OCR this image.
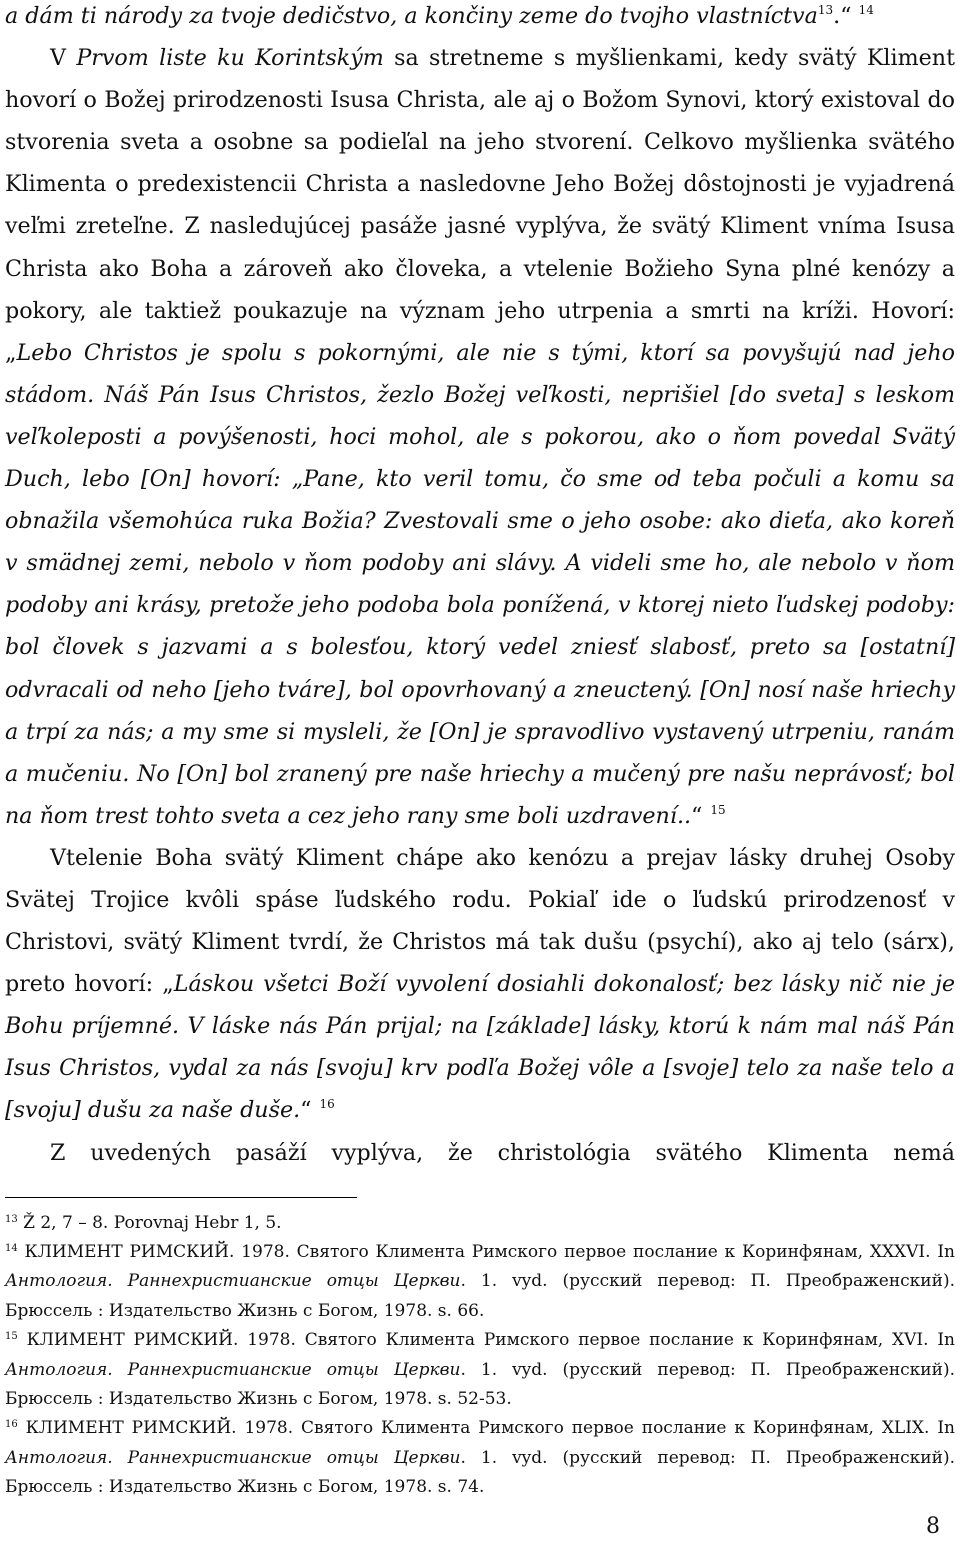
a dám ti národy za tvoje dedičstvo, a končiny zeme do tvojho vlastníctva$^{13}$.“ $^{14}$

V Prvom liste ku Korintským sa stretneme s myšlienkami, kedy svätý Kliment hovorí o Božej prirodzenosti Isusa Christa, ale aj o Božom Synovi, ktorý existoval do stvorenia sveta a osobne sa podieľal na jeho stvorení. Celkovo myšlienka svätého Klimenta o predexistencii Christa a nasledovne Jeho Božej dôstojnosti je vyjadrená veľmi zreteľne. Z nasledujúcej pasáže jasné vyplýva, že svätý Kliment vníma Isusa Christa ako Boha a zároveň ako človeka, a vtelenie Božieho Syna plné kenózy a pokory, ale taktiež poukazuje na význam jeho utrpenia a smrti na kríži. Hovorí: „Lebo Christos je spolu s pokornými, ale nie s tými, ktorí sa povyšujú nad jeho stádom. Náš Pán Isus Christos, žezlo Božej veľkosti, neprišiel [do sveta] s leskom veľkoleposti a povýšenosti, hoci mohol, ale s pokorou, ako o ňom povedal Svätý Duch, lebo [On] hovorí: „Pane, kto veril tomu, čo sme od teba počuli a komu sa obnažila všemohúca ruka Božia? Zvestovali sme o jeho osobe: ako dieťa, ako koreň v smädnej zemi, nebolo v ňom podoby ani slávy. A videli sme ho, ale nebolo v ňom podoby ani krásy, pretože jeho podoba bola ponížená, v ktorej nieto ľudskej podoby: bol človek s jazvami a s bolesťou, ktorý vedel zniesť slabosť, preto sa [ostatní] odvracali od neho [jeho tváre], bol opovrhovaný a zneuctený. [On] nosí naše hriechy a trpí za nás; a my sme si mysleli, že [On] je spravodlivo vystavený utrpeniu, ranám a mučeniu. No [On] bol zranený pre naše hriechy a mučený pre našu neprávosť; bol na ňom trest tohto sveta a cez jeho rany sme boli uzdravení..“ $^{15}$

Vtelenie Boha svätý Kliment chápe ako kenózu a prejav lásky druhej Osoby Svätej Trojice kvôli spáse ľudského rodu. Pokiaľ ide o ľudskú prirodzenosť v Christovi, svätý Kliment tvrdí, že Christos má tak dušu (psychí), ako aj telo (sárx), preto hovorí: „Láskou všetci Boží vyvolení dosiahli dokonalosť; bez lásky nič nie je Bohu príjemné. V láske nás Pán prijal; na [základe] lásky, ktorú k nám mal náš Pán Isus Christos, vydal za nás [svoju] krv podľa Božej vôle a [svoje] telo za naše telo a [svoju] dušu za naše duše.“ $^{16}$

Z uvedených pasáží vyplýva, že christológia svätého Klimenta nemá

$^{13}$ Ž 2, 7 – 8. Porovnaj Hebr 1, 5.

$^{14}$ КЛИМЕНТ РИМСКИЙ. 1978. Святого Климента Римского первое послание к Коринфянам, XXXVI. In Антология. Раннехристианские отцы Церкви. 1. vyd. (русский перевод: П. Преображенский). Брюссель : Издательство Жизнь с Богом, 1978. s. 66.

$^{15}$ КЛИМЕНТ РИМСКИЙ. 1978. Святого Климента Римского первое послание к Коринфянам, XVI. In Антология. Раннехристианские отцы Церкви. 1. vyd. (русский перевод: П. Преображенский). Брюссель : Издательство Жизнь с Богом, 1978. s. 52-53.

$^{16}$ КЛИМЕНТ РИМСКИЙ. 1978. Святого Климента Римского первое послание к Коринфянам, XLIX. In Антология. Раннехристианские отцы Церкви. 1. vyd. (русский перевод: П. Преображенский). Брюссель : Издательство Жизнь с Богом, 1978. s. 74.

8
